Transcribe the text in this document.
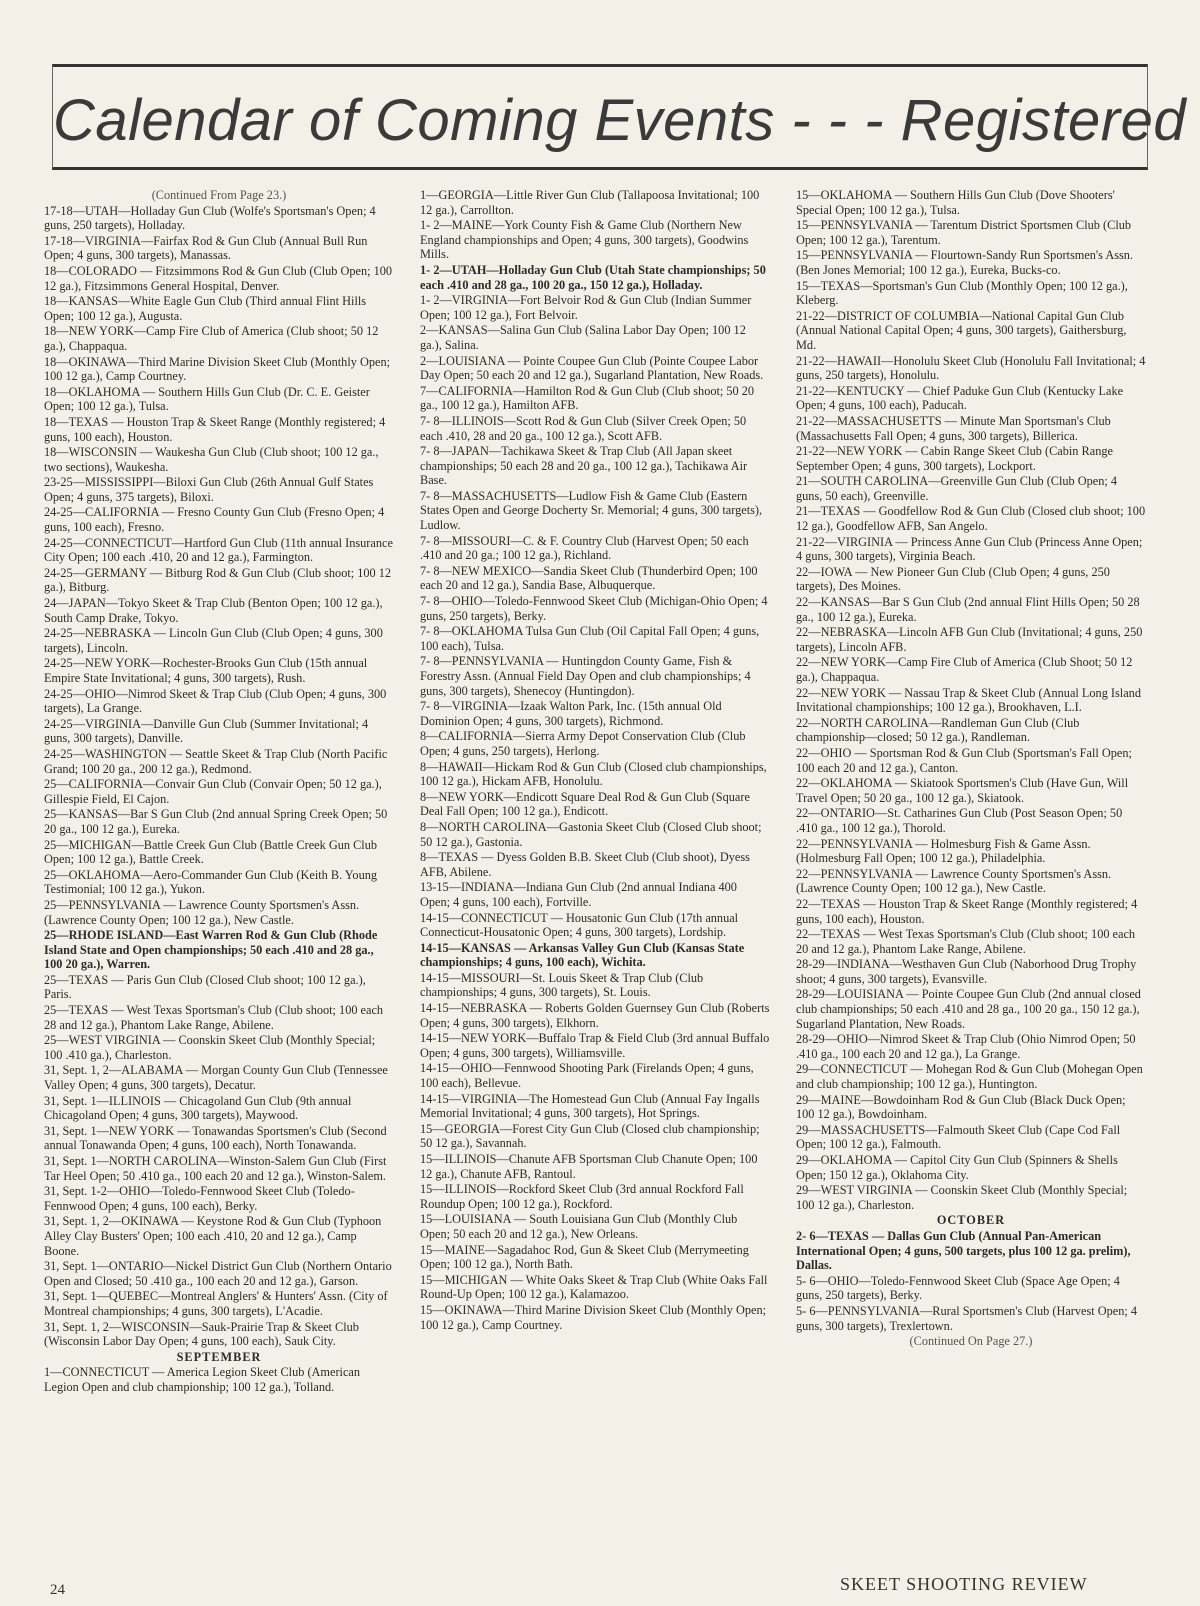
Calendar of Coming Events - - - Registered
(Continued From Page 23.)
17-18—UTAH—Holladay Gun Club (Wolfe's Sportsman's Open; 4 guns, 250 targets), Holladay.
17-18—VIRGINIA—Fairfax Rod & Gun Club (Annual Bull Run Open; 4 guns, 300 targets), Manassas.
18—COLORADO — Fitzsimmons Rod & Gun Club (Club Open; 100 12 ga.), Fitzsimmons General Hospital, Denver.
18—KANSAS—White Eagle Gun Club (Third annual Flint Hills Open; 100 12 ga.), Augusta.
18—NEW YORK—Camp Fire Club of America (Club shoot; 50 12 ga.), Chappaqua.
18—OKINAWA—Third Marine Division Skeet Club (Monthly Open; 100 12 ga.), Camp Courtney.
18—OKLAHOMA — Southern Hills Gun Club (Dr. C. E. Geister Open; 100 12 ga.), Tulsa.
18—TEXAS — Houston Trap & Skeet Range (Monthly registered; 4 guns, 100 each), Houston.
18—WISCONSIN — Waukesha Gun Club (Club shoot; 100 12 ga., two sections), Waukesha.
23-25—MISSISSIPPI—Biloxi Gun Club (26th Annual Gulf States Open; 4 guns, 375 targets), Biloxi.
24-25—CALIFORNIA — Fresno County Gun Club (Fresno Open; 4 guns, 100 each), Fresno.
24-25—CONNECTICUT—Hartford Gun Club (11th annual Insurance City Open; 100 each .410, 20 and 12 ga.), Farmington.
24-25—GERMANY — Bitburg Rod & Gun Club (Club shoot; 100 12 ga.), Bitburg.
24—JAPAN—Tokyo Skeet & Trap Club (Benton Open; 100 12 ga.), South Camp Drake, Tokyo.
24-25—NEBRASKA — Lincoln Gun Club (Club Open; 4 guns, 300 targets), Lincoln.
24-25—NEW YORK—Rochester-Brooks Gun Club (15th annual Empire State Invitational; 4 guns, 300 targets), Rush.
24-25—OHIO—Nimrod Skeet & Trap Club (Club Open; 4 guns, 300 targets), La Grange.
24-25—VIRGINIA—Danville Gun Club (Summer Invitational; 4 guns, 300 targets), Danville.
24-25—WASHINGTON — Seattle Skeet & Trap Club (North Pacific Grand; 100 20 ga., 200 12 ga.), Redmond.
25—CALIFORNIA—Convair Gun Club (Convair Open; 50 12 ga.), Gillespie Field, El Cajon.
25—KANSAS—Bar S Gun Club (2nd annual Spring Creek Open; 50 20 ga., 100 12 ga.), Eureka.
25—MICHIGAN—Battle Creek Gun Club (Battle Creek Gun Club Open; 100 12 ga.), Battle Creek.
25—OKLAHOMA—Aero-Commander Gun Club (Keith B. Young Testimonial; 100 12 ga.), Yukon.
25—PENNSYLVANIA — Lawrence County Sportsmen's Assn. (Lawrence County Open; 100 12 ga.), New Castle.
25—RHODE ISLAND—East Warren Rod & Gun Club (Rhode Island State and Open championships; 50 each .410 and 28 ga., 100 20 ga.), Warren.
25—TEXAS — Paris Gun Club (Closed Club shoot; 100 12 ga.), Paris.
25—TEXAS — West Texas Sportsman's Club (Club shoot; 100 each 28 and 12 ga.), Phantom Lake Range, Abilene.
25—WEST VIRGINIA — Coonskin Skeet Club (Monthly Special; 100 .410 ga.), Charleston.
31, Sept. 1, 2—ALABAMA — Morgan County Gun Club (Tennessee Valley Open; 4 guns, 300 targets), Decatur.
31, Sept. 1—ILLINOIS — Chicagoland Gun Club (9th annual Chicagoland Open; 4 guns, 300 targets), Maywood.
31, Sept. 1—NEW YORK — Tonawandas Sportsmen's Club (Second annual Tonawanda Open; 4 guns, 100 each), North Tonawanda.
31, Sept. 1—NORTH CAROLINA—Winston-Salem Gun Club (First Tar Heel Open; 50 .410 ga., 100 each 20 and 12 ga.), Winston-Salem.
31, Sept. 1-2—OHIO—Toledo-Fennwood Skeet Club (Toledo-Fennwood Open; 4 guns, 100 each), Berky.
31, Sept. 1, 2—OKINAWA — Keystone Rod & Gun Club (Typhoon Alley Clay Busters' Open; 100 each .410, 20 and 12 ga.), Camp Boone.
31, Sept. 1—ONTARIO—Nickel District Gun Club (Northern Ontario Open and Closed; 50 .410 ga., 100 each 20 and 12 ga.), Garson.
31, Sept. 1—QUEBEC—Montreal Anglers' & Hunters' Assn. (City of Montreal championships; 4 guns, 300 targets), L'Acadie.
31, Sept. 1, 2—WISCONSIN—Sauk-Prairie Trap & Skeet Club (Wisconsin Labor Day Open; 4 guns, 100 each), Sauk City.
SEPTEMBER
1—CONNECTICUT — America Legion Skeet Club (American Legion Open and club championship; 100 12 ga.), Tolland.
1—GEORGIA—Little River Gun Club (Tallapoosa Invitational; 100 12 ga.), Carrollton.
1- 2—MAINE—York County Fish & Game Club (Northern New England championships and Open; 4 guns, 300 targets), Goodwins Mills.
1- 2—UTAH—Holladay Gun Club (Utah State championships; 50 each .410 and 28 ga., 100 20 ga., 150 12 ga.), Holladay.
1- 2—VIRGINIA—Fort Belvoir Rod & Gun Club (Indian Summer Open; 100 12 ga.), Fort Belvoir.
2—KANSAS—Salina Gun Club (Salina Labor Day Open; 100 12 ga.), Salina.
2—LOUISIANA — Pointe Coupee Gun Club (Pointe Coupee Labor Day Open; 50 each 20 and 12 ga.), Sugarland Plantation, New Roads.
7—CALIFORNIA—Hamilton Rod & Gun Club (Club shoot; 50 20 ga., 100 12 ga.), Hamilton AFB.
7- 8—ILLINOIS—Scott Rod & Gun Club (Silver Creek Open; 50 each .410, 28 and 20 ga., 100 12 ga.), Scott AFB.
7- 8—JAPAN—Tachikawa Skeet & Trap Club (All Japan skeet championships; 50 each 28 and 20 ga., 100 12 ga.), Tachikawa Air Base.
7- 8—MASSACHUSETTS—Ludlow Fish & Game Club (Eastern States Open and George Docherty Sr. Memorial; 4 guns, 300 targets), Ludlow.
7- 8—MISSOURI—C. & F. Country Club (Harvest Open; 50 each .410 and 20 ga.; 100 12 ga.), Richland.
7- 8—NEW MEXICO—Sandia Skeet Club (Thunderbird Open; 100 each 20 and 12 ga.), Sandia Base, Albuquerque.
7- 8—OHIO—Toledo-Fennwood Skeet Club (Michigan-Ohio Open; 4 guns, 250 targets), Berky.
7- 8—OKLAHOMA Tulsa Gun Club (Oil Capital Fall Open; 4 guns, 100 each), Tulsa.
7- 8—PENNSYLVANIA — Huntingdon County Game, Fish & Forestry Assn. (Annual Field Day Open and club championships; 4 guns, 300 targets), Shenecoy (Huntingdon).
7- 8—VIRGINIA—Izaak Walton Park, Inc. (15th annual Old Dominion Open; 4 guns, 300 targets), Richmond.
8—CALIFORNIA—Sierra Army Depot Conservation Club (Club Open; 4 guns, 250 targets), Herlong.
8—HAWAII—Hickam Rod & Gun Club (Closed club championships, 100 12 ga.), Hickam AFB, Honolulu.
8—NEW YORK—Endicott Square Deal Rod & Gun Club (Square Deal Fall Open; 100 12 ga.), Endicott.
8—NORTH CAROLINA—Gastonia Skeet Club (Closed Club shoot; 50 12 ga.), Gastonia.
8—TEXAS — Dyess Golden B.B. Skeet Club (Club shoot), Dyess AFB, Abilene.
13-15—INDIANA—Indiana Gun Club (2nd annual Indiana 400 Open; 4 guns, 100 each), Fortville.
14-15—CONNECTICUT — Housatonic Gun Club (17th annual Connecticut-Housatonic Open; 4 guns, 300 targets), Lordship.
14-15—KANSAS — Arkansas Valley Gun Club (Kansas State championships; 4 guns, 100 each), Wichita.
14-15—MISSOURI—St. Louis Skeet & Trap Club (Club championships; 4 guns, 300 targets), St. Louis.
14-15—NEBRASKA — Roberts Golden Guernsey Gun Club (Roberts Open; 4 guns, 300 targets), Elkhorn.
14-15—NEW YORK—Buffalo Trap & Field Club (3rd annual Buffalo Open; 4 guns, 300 targets), Williamsville.
14-15—OHIO—Fennwood Shooting Park (Firelands Open; 4 guns, 100 each), Bellevue.
14-15—VIRGINIA—The Homestead Gun Club (Annual Fay Ingalls Memorial Invitational; 4 guns, 300 targets), Hot Springs.
15—GEORGIA—Forest City Gun Club (Closed club championship; 50 12 ga.), Savannah.
15—ILLINOIS—Chanute AFB Sportsman Club Chanute Open; 100 12 ga.), Chanute AFB, Rantoul.
15—ILLINOIS—Rockford Skeet Club (3rd annual Rockford Fall Roundup Open; 100 12 ga.), Rockford.
15—LOUISIANA — South Louisiana Gun Club (Monthly Club Open; 50 each 20 and 12 ga.), New Orleans.
15—MAINE—Sagadahoc Rod, Gun & Skeet Club (Merrymeeting Open; 100 12 ga.), North Bath.
15—MICHIGAN — White Oaks Skeet & Trap Club (White Oaks Fall Round-Up Open; 100 12 ga.), Kalamazoo.
15—OKINAWA—Third Marine Division Skeet Club (Monthly Open; 100 12 ga.), Camp Courtney.
15—OKLAHOMA — Southern Hills Gun Club (Dove Shooters' Special Open; 100 12 ga.), Tulsa.
15—PENNSYLVANIA — Tarentum District Sportsmen Club (Club Open; 100 12 ga.), Tarentum.
15—PENNSYLVANIA — Flourtown-Sandy Run Sportsmen's Assn. (Ben Jones Memorial; 100 12 ga.), Eureka, Bucks-co.
15—TEXAS—Sportsman's Gun Club (Monthly Open; 100 12 ga.), Kleberg.
21-22—DISTRICT OF COLUMBIA—National Capital Gun Club (Annual National Capital Open; 4 guns, 300 targets), Gaithersburg, Md.
21-22—HAWAII—Honolulu Skeet Club (Honolulu Fall Invitational; 4 guns, 250 targets), Honolulu.
21-22—KENTUCKY — Chief Paduke Gun Club (Kentucky Lake Open; 4 guns, 100 each), Paducah.
21-22—MASSACHUSETTS — Minute Man Sportsman's Club (Massachusetts Fall Open; 4 guns, 300 targets), Billerica.
21-22—NEW YORK — Cabin Range Skeet Club (Cabin Range September Open; 4 guns, 300 targets), Lockport.
21—SOUTH CAROLINA—Greenville Gun Club (Club Open; 4 guns, 50 each), Greenville.
21—TEXAS — Goodfellow Rod & Gun Club (Closed club shoot; 100 12 ga.), Goodfellow AFB, San Angelo.
21-22—VIRGINIA — Princess Anne Gun Club (Princess Anne Open; 4 guns, 300 targets), Virginia Beach.
22—IOWA — New Pioneer Gun Club (Club Open; 4 guns, 250 targets), Des Moines.
22—KANSAS—Bar S Gun Club (2nd annual Flint Hills Open; 50 28 ga., 100 12 ga.), Eureka.
22—NEBRASKA—Lincoln AFB Gun Club (Invitational; 4 guns, 250 targets), Lincoln AFB.
22—NEW YORK—Camp Fire Club of America (Club Shoot; 50 12 ga.), Chappaqua.
22—NEW YORK — Nassau Trap & Skeet Club (Annual Long Island Invitational championships; 100 12 ga.), Brookhaven, L.I.
22—NORTH CAROLINA—Randleman Gun Club (Club championship—closed; 50 12 ga.), Randleman.
22—OHIO — Sportsman Rod & Gun Club (Sportsman's Fall Open; 100 each 20 and 12 ga.), Canton.
22—OKLAHOMA — Skiatook Sportsmen's Club (Have Gun, Will Travel Open; 50 20 ga., 100 12 ga.), Skiatook.
22—ONTARIO—St. Catharines Gun Club (Post Season Open; 50 .410 ga., 100 12 ga.), Thorold.
22—PENNSYLVANIA — Holmesburg Fish & Game Assn. (Holmesburg Fall Open; 100 12 ga.), Philadelphia.
22—PENNSYLVANIA — Lawrence County Sportsmen's Assn. (Lawrence County Open; 100 12 ga.), New Castle.
22—TEXAS — Houston Trap & Skeet Range (Monthly registered; 4 guns, 100 each), Houston.
22—TEXAS — West Texas Sportsman's Club (Club shoot; 100 each 20 and 12 ga.), Phantom Lake Range, Abilene.
28-29—INDIANA—Westhaven Gun Club (Naborhood Drug Trophy shoot; 4 guns, 300 targets), Evansville.
28-29—LOUISIANA — Pointe Coupee Gun Club (2nd annual closed club championships; 50 each .410 and 28 ga., 100 20 ga., 150 12 ga.), Sugarland Plantation, New Roads.
28-29—OHIO—Nimrod Skeet & Trap Club (Ohio Nimrod Open; 50 .410 ga., 100 each 20 and 12 ga.), La Grange.
29—CONNECTICUT — Mohegan Rod & Gun Club (Mohegan Open and club championship; 100 12 ga.), Huntington.
29—MAINE—Bowdoinham Rod & Gun Club (Black Duck Open; 100 12 ga.), Bowdoinham.
29—MASSACHUSETTS—Falmouth Skeet Club (Cape Cod Fall Open; 100 12 ga.), Falmouth.
29—OKLAHOMA — Capitol City Gun Club (Spinners & Shells Open; 150 12 ga.), Oklahoma City.
29—WEST VIRGINIA — Coonskin Skeet Club (Monthly Special; 100 12 ga.), Charleston.
OCTOBER
2- 6—TEXAS — Dallas Gun Club (Annual Pan-American International Open; 4 guns, 500 targets, plus 100 12 ga. prelim), Dallas.
5- 6—OHIO—Toledo-Fennwood Skeet Club (Space Age Open; 4 guns, 250 targets), Berky.
5- 6—PENNSYLVANIA—Rural Sportsmen's Club (Harvest Open; 4 guns, 300 targets), Trexlertown.
(Continued On Page 27.)
24	SKEET SHOOTING REVIEW
